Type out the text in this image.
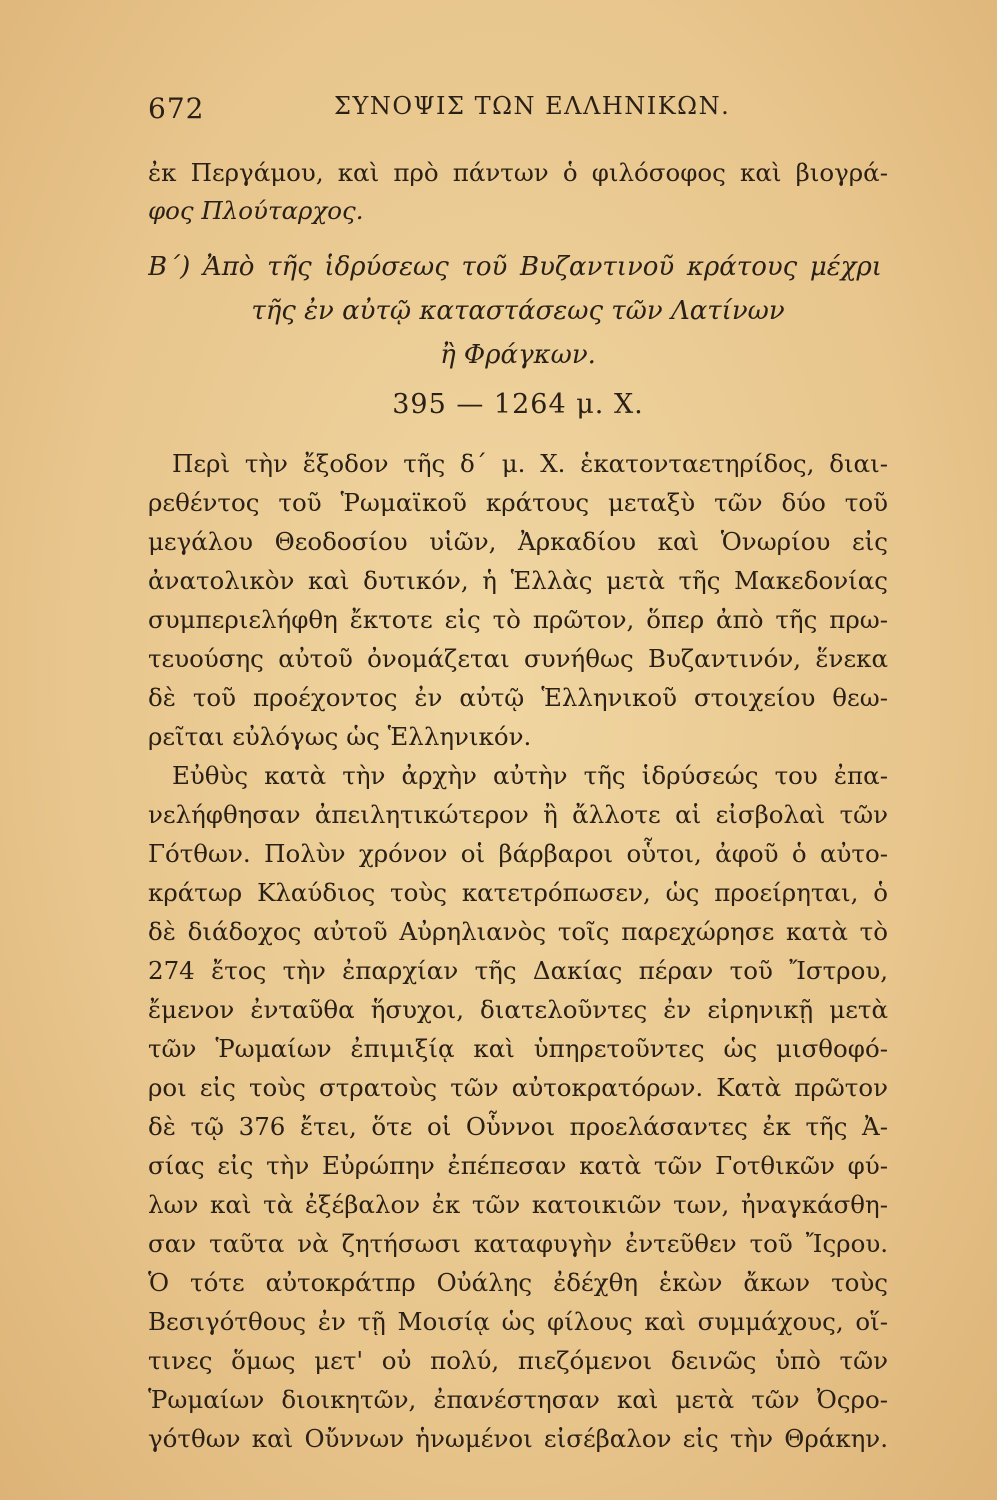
672	ΣΥΝΟΨΙΣ ΤΩΝ ΕΛΛΗΝΙΚΩΝ.
ἐκ Περγάμου, καὶ πρὸ πάντων ὁ φιλόσοφος καὶ βιογρά-
φος Πλούταρχος.
Β΄) Ἀπὸ τῆς ἱδρύσεως τοῦ Βυζαντινοῦ κράτους μέχρι
τῆς ἐν αὐτῷ καταστάσεως τῶν Λατίνων
ἢ Φράγκων.
395 — 1264 μ. Χ.
Περὶ τὴν ἔξοδον τῆς δ΄ μ. Χ. ἑκατονταετηρίδος, διαι-
ρεθέντος τοῦ Ῥωμαϊκοῦ κράτους μεταξὺ τῶν δύο τοῦ
μεγάλου Θεοδοσίου υἱῶν, Ἀρκαδίου καὶ Ὁνωρίου εἰς
ἀνατολικὸν καὶ δυτικόν, ἡ Ἑλλὰς μετὰ τῆς Μακεδονίας
συμπεριελήφθη ἔκτοτε εἰς τὸ πρῶτον, ὅπερ ἀπὸ τῆς πρω-
τευούσης αὐτοῦ ὀνομάζεται συνήθως Βυζαντινόν, ἕνεκα
δὲ τοῦ προέχοντος ἐν αὐτῷ Ἑλληνικοῦ στοιχείου θεω-
ρεῖται εὐλόγως ὡς Ἑλληνικόν.
Εὐθὺς κατὰ τὴν ἀρχὴν αὐτὴν τῆς ἱδρύσεώς του ἐπα-
νελήφθησαν ἀπειλητικώτερον ἢ ἄλλοτε αἱ εἰσβολαὶ τῶν
Γότθων. Πολὺν χρόνον οἱ βάρβαροι οὗτοι, ἀφοῦ ὁ αὐτο-
κράτωρ Κλαύδιος τοὺς κατετρόπωσεν, ὡς προείρηται, ὁ
δὲ διάδοχος αὐτοῦ Αὐρηλιανὸς τοῖς παρεχώρησε κατὰ τὸ
274 ἔτος τὴν ἐπαρχίαν τῆς Δακίας πέραν τοῦ Ἴστρου,
ἔμενον ἐνταῦθα ἥσυχοι, διατελοῦντες ἐν εἰρηνικῇ μετὰ
τῶν Ῥωμαίων ἐπιμιξίᾳ καὶ ὑπηρετοῦντες ὡς μισθοφό-
ροι εἰς τοὺς στρατοὺς τῶν αὐτοκρατόρων. Κατὰ πρῶτον
δὲ τῷ 376 ἔτει, ὅτε οἱ Οὗννοι προελάσαντες ἐκ τῆς Ἀ-
σίας εἰς τὴν Εὐρώπην ἐπέπεσαν κατὰ τῶν Γοτθικῶν φύ-
λων καὶ τὰ ἐξέβαλον ἐκ τῶν κατοικιῶν των, ἠναγκάσθη-
σαν ταῦτα νὰ ζητήσωσι καταφυγὴν ἐντεῦθεν τοῦ Ἴςρου.
Ὁ τότε αὐτοκράτπρ Οὐάλης ἐδέχθη ἑκὼν ἄκων τοὺς
Βεσιγότθους ἐν τῇ Μοισίᾳ ὡς φίλους καὶ συμμάχους, οἵ-
τινες ὅμως μετ' οὐ πολύ, πιεζόμενοι δεινῶς ὑπὸ τῶν
Ῥωμαίων διοικητῶν, ἐπανέστησαν καὶ μετὰ τῶν Ὀςρο-
γότθων καὶ Οὔννων ἡνωμένοι εἰσέβαλον εἰς τὴν Θράκην.
